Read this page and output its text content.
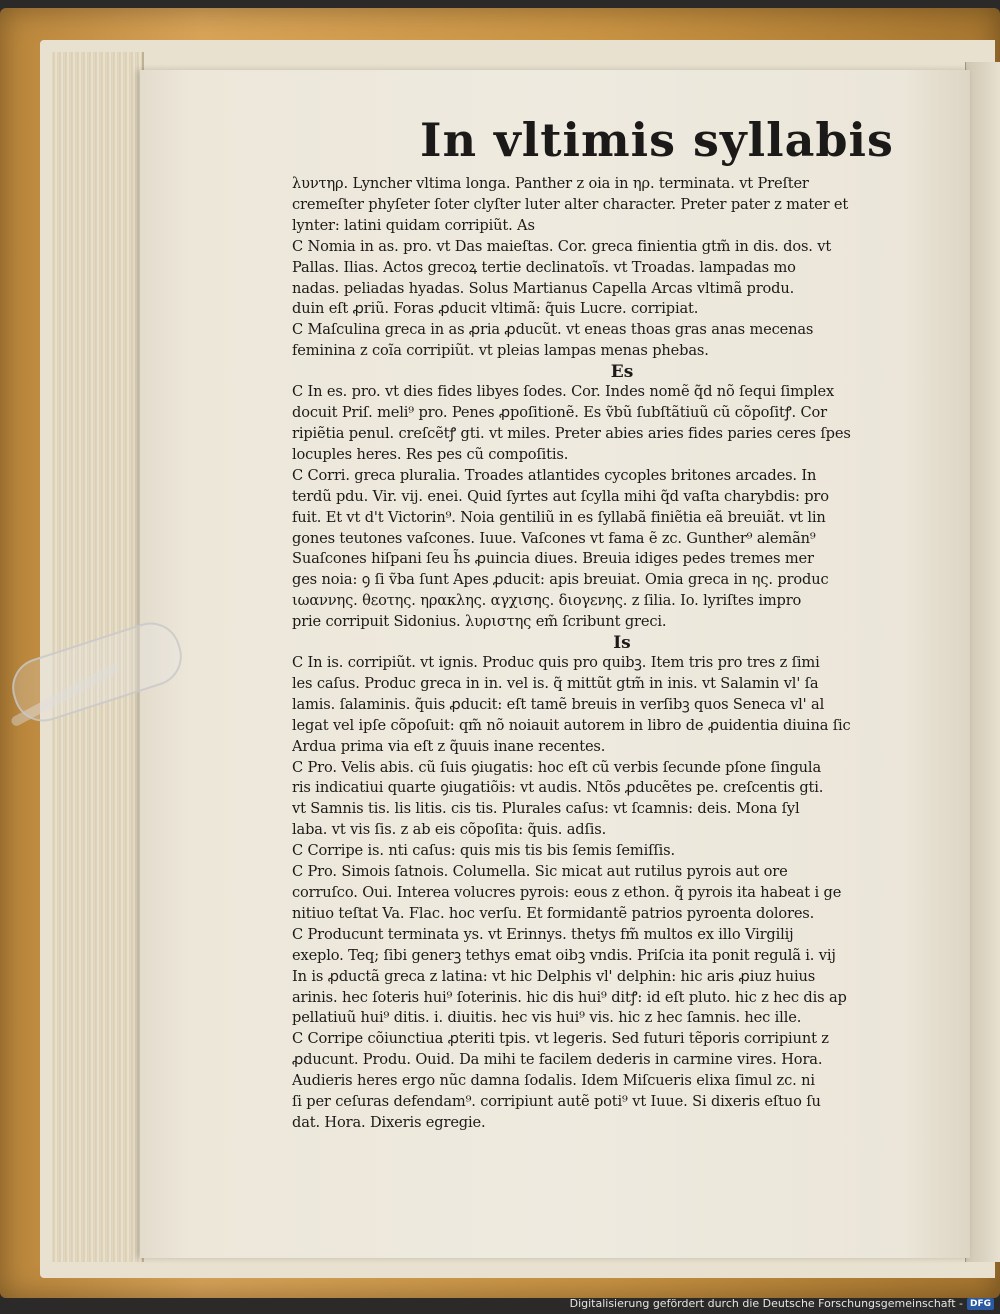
In vltimis syllabis
λυντηρ. Lyncher vltima longa. Panther z oia in ηρ. terminata. vt Preſter
cremeſter phyſeter ſoter clyſter luter alter character. Preter pater z mater et
lynter: latini quidam corripiũt. As
C Nomia in as. pro. vt Das maieſtas. Cor. greca finientia gtm̃ in dis. dos. vt
Pallas. Ilias. Actos grecoꝝ tertie declinatoĩs. vt Troadas. lampadas mo
nadas. peliadas hyadas. Solus Martianus Capella Arcas vltimã produ.
duin eſt ꝓriũ. Foras ꝓducit vltimã: q̃uis Lucre. corripiat.
C Maſculina greca in as ꝓria ꝓducũt. vt eneas thoas gras anas mecenas
feminina z coĩa corripiũt. vt pleias lampas menas phebas.
Es
C In es. pro. vt dies fides libyes ſodes. Cor. Indes nomẽ q̃d nõ ſequi ſimplex
docuit Priſ. meli⁹ pro. Penes ꝓpoſitionẽ. Es ṽbũ ſubſtãtiuũ cũ cõpoſitꝭ. Cor
ripiẽtia penul. creſcẽtꝭ gti. vt miles. Preter abies aries fides paries ceres ſpes
locuples heres. Res pes cũ compoſitis.
C Corri. greca pluralia. Troades atlantides cycoples britones arcades. In
terdũ pdu. Vir. vij. enei. Quid ſyrtes aut ſcylla mihi q̃d vaſta charybdis: pro
fuit. Et vt d't Victorin⁹. Noia gentiliũ in es ſyllabã finiẽtia eã breuiãt. vt lin
gones teutones vaſcones. Iuue. Vaſcones vt fama ẽ zc. Gunther⁹ alemãn⁹
Suaſcones hiſpani ſeu h̃s ꝓuincia diues. Breuia idiges pedes tremes mer
ges noia: ꝯ ſi ṽba ſunt Apes ꝓducit: apis breuiat. Omia greca in ης. produc
ιωαννης. θεοτης. ηρακλης. αγχισης. διογενης. z ſilia. Io. lyriſtes impro
prie corripuit Sidonius. λυριστης em̃ ſcribunt greci.
Is
C In is. corripiũt. vt ignis. Produc quis pro quibꝫ. Item tris pro tres z ſimi
les caſus. Produc greca in in. vel is. q̃ mittũt gtm̃ in inis. vt Salamin vl' ſa
lamis. ſalaminis. q̃uis ꝓducit: eſt tamẽ breuis in verſibꝫ quos Seneca vl' al
legat vel ipſe cõpoſuit: qm̃ nõ noiauit autorem in libro de ꝓuidentia diuina ſic
Ardua prima via eſt z q̃uuis inane recentes.
C Pro. Velis abis. cũ ſuis ꝯiugatis: hoc eſt cũ verbis ſecunde pſone ſingula
ris indicatiui quarte ꝯiugatiõis: vt audis. Ntõs ꝓducẽtes pe. creſcentis gti.
vt Samnis tis. lis litis. cis tis. Plurales caſus: vt ſcamnis: deis. Mona ſyl
laba. vt vis ſis. z ab eis cõpoſita: q̃uis. adſis.
C Corripe is. nti caſus: quis mis tis bis ſemis ſemiſſis.
C Pro. Simois ſatnois. Columella. Sic micat aut rutilus pyrois aut ore
corruſco. Oui. Interea volucres pyrois: eous z ethon. q̃ pyrois ita habeat i ge
nitiuo teſtat Va. Flac. hoc verſu. Et formidantẽ patrios pyroenta dolores.
C Producunt terminata ys. vt Erinnys. thetys fm̃ multos ex illo Virgilij
exeplo. Teq; ſibi generꝫ tethys emat oibꝫ vndis. Priſcia ita ponit regulã i. vij
In is ꝓductã greca z latina: vt hic Delphis vl' delphin: hic aris ꝓiuz huius
arinis. hec ſoteris hui⁹ ſoterinis. hic dis hui⁹ ditꝭ: id eſt pluto. hic z hec dis ap
pellatiuũ hui⁹ ditis. i. diuitis. hec vis hui⁹ vis. hic z hec ſamnis. hec ille.
C Corripe cõiunctiua ꝓteriti tpis. vt legeris. Sed futuri tẽporis corripiunt z
ꝓducunt. Produ. Ouid. Da mihi te facilem dederis in carmine vires. Hora.
Audieris heres ergo nũc damna ſodalis. Idem Miſcueris elixa ſimul zc. ni
ſi per ceſuras defendam⁹. corripiunt autẽ poti⁹ vt Iuue. Si dixeris eſtuo ſu
dat. Hora. Dixeris egregie.
Digitalisierung gefördert durch die Deutsche Forschungsgemeinschaft - DFG
